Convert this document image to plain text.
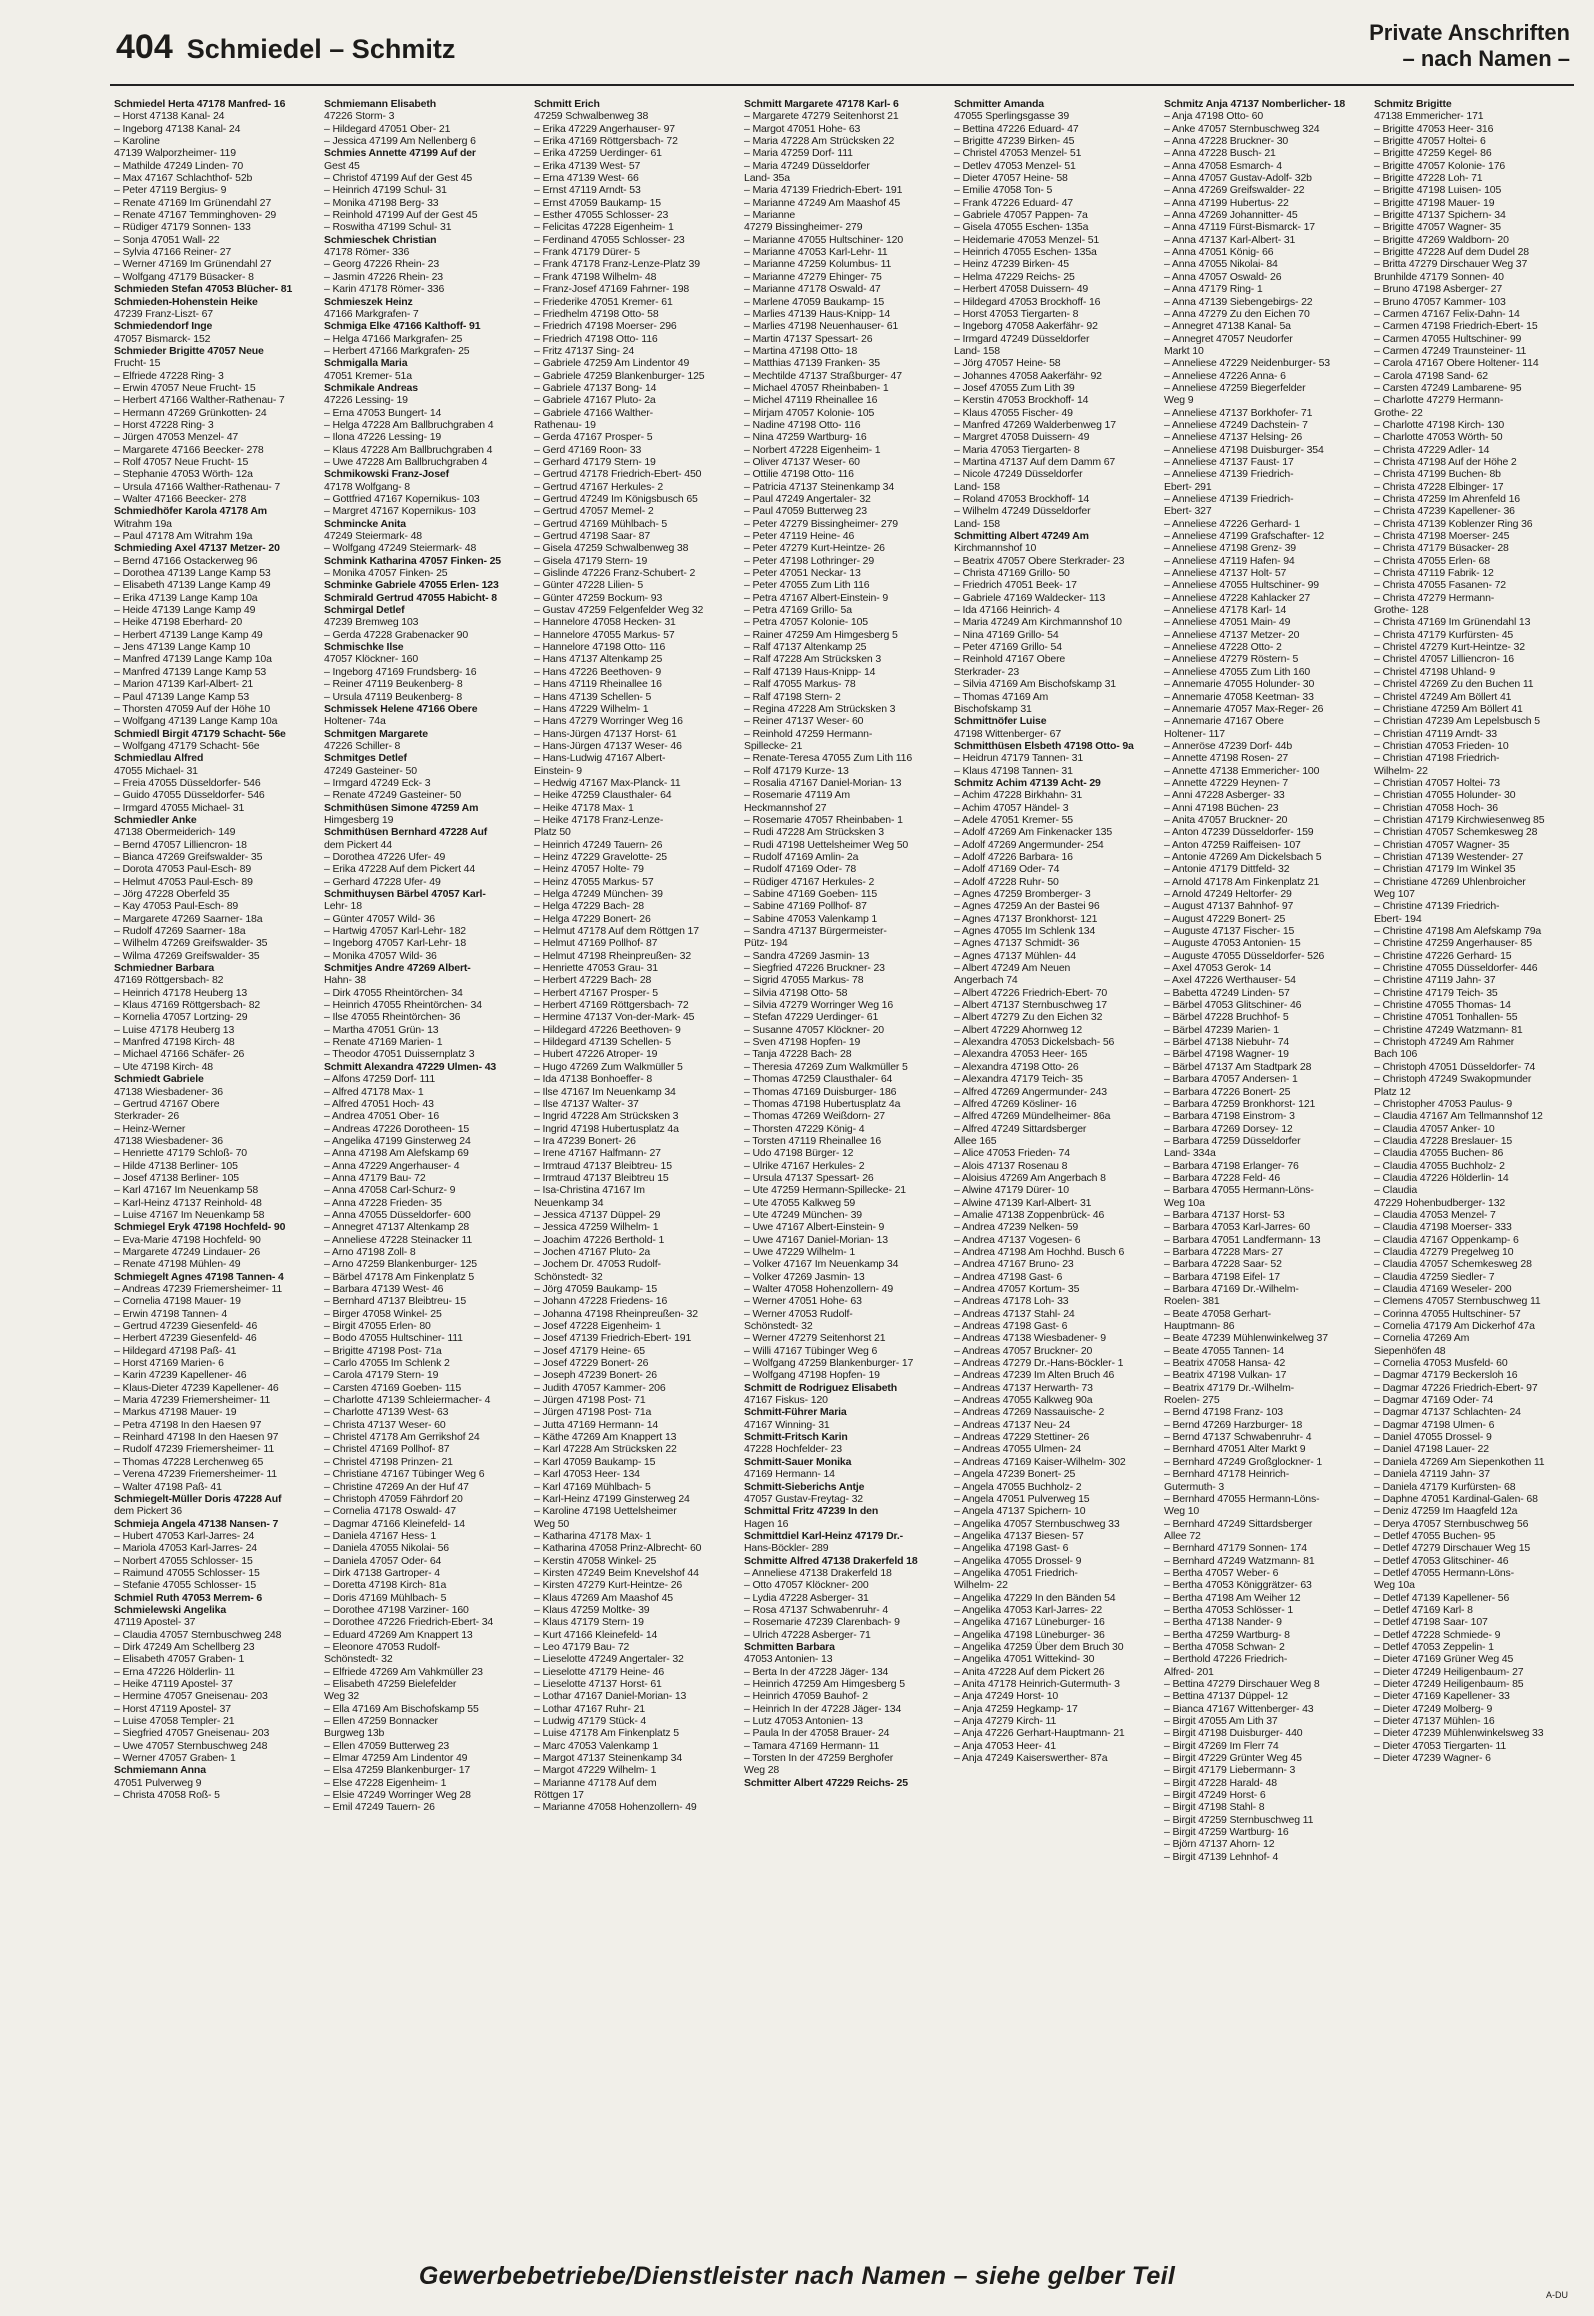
404 Schmiedel – Schmitz
Private Anschriften
– nach Namen –
Schmiedel Herta 47178 Manfred- 16
– Horst 47138 Kanal- 24
– Ingeborg 47138 Kanal- 24
– Karoline
47139 Walporzheimer- 119
– Mathilde 47249 Linden- 70
– Max 47167 Schlachthof- 52b
– Peter 47119 Bergius- 9
– Renate 47169 Im Grünendahl 27
– Renate 47167 Temminghoven- 29
– Rüdiger 47179 Sonnen- 133
– Sonja 47051 Wall- 22
– Sylvia 47166 Reiner- 27
– Werner 47169 Im Grünendahl 27
– Wolfgang 47179 Büsacker- 8
Schmieden Stefan 47053 Blücher- 81
Schmieden-Hohenstein Heike
47239 Franz-Liszt- 67
Schmiedendorf Inge
47057 Bismarck- 152
Schmieder Brigitte 47057 Neue
Frucht- 15
– Elfriede 47228 Ring- 3
– Erwin 47057 Neue Frucht- 15
– Herbert 47166 Walther-Rathenau- 7
– Hermann 47269 Grünkotten- 24
– Horst 47228 Ring- 3
– Jürgen 47053 Menzel- 47
– Margarete 47166 Beecker- 278
– Rolf 47057 Neue Frucht- 15
– Stephanie 47053 Wörth- 12a
– Ursula 47166 Walther-Rathenau- 7
– Walter 47166 Beecker- 278
Schmiedhöfer Karola 47178 Am
Witrahm 19a
– Paul 47178 Am Witrahm 19a
Schmieding Axel 47137 Metzer- 20
– Bernd 47166 Ostackerweg 96
– Dorothea 47139 Lange Kamp 53
– Elisabeth 47139 Lange Kamp 49
– Erika 47139 Lange Kamp 10a
– Heide 47139 Lange Kamp 49
– Heike 47198 Eberhard- 20
– Herbert 47139 Lange Kamp 49
– Jens 47139 Lange Kamp 10
– Manfred 47139 Lange Kamp 10a
– Manfred 47139 Lange Kamp 53
– Marion 47139 Karl-Albert- 21
– Paul 47139 Lange Kamp 53
– Thorsten 47059 Auf der Höhe 10
– Wolfgang 47139 Lange Kamp 10a
Schmiedl Birgit 47179 Schacht- 56e
– Wolfgang 47179 Schacht- 56e
Schmiedlau Alfred
47055 Michael- 31
– Freia 47055 Düsseldorfer- 546
– Guido 47055 Düsseldorfer- 546
– Irmgard 47055 Michael- 31
Schmiedler Anke
47138 Obermeiderich- 149
– Bernd 47057 Lilliencron- 18
– Bianca 47269 Greifswalder- 35
– Dorota 47053 Paul-Esch- 89
– Helmut 47053 Paul-Esch- 89
– Jörg 47228 Oberfeld 35
– Kay 47053 Paul-Esch- 89
– Margarete 47269 Saarner- 18a
– Rudolf 47269 Saarner- 18a
– Wilhelm 47269 Greifswalder- 35
– Wilma 47269 Greifswalder- 35
Schmiedner Barbara
47169 Röttgersbach- 82
– Heinrich 47178 Heuberg 13
– Klaus 47169 Röttgersbach- 82
– Kornelia 47057 Lortzing- 29
– Luise 47178 Heuberg 13
– Manfred 47198 Kirch- 48
– Michael 47166 Schäfer- 26
– Ute 47198 Kirch- 48
Schmiedt Gabriele
47138 Wiesbadener- 36
– Gertrud 47167 Obere
Sterkrader- 26
– Heinz-Werner
47138 Wiesbadener- 36
– Henriette 47179 Schloß- 70
– Hilde 47138 Berliner- 105
– Josef 47138 Berliner- 105
– Karl 47167 Im Neuenkamp 58
– Karl-Heinz 47137 Reinhold- 48
– Luise 47167 Im Neuenkamp 58
Schmiegel Eryk 47198 Hochfeld- 90
– Eva-Marie 47198 Hochfeld- 90
– Margarete 47249 Lindauer- 26
– Renate 47198 Mühlen- 49
Schmiegelt Agnes 47198 Tannen- 4
– Andreas 47239 Friemersheimer- 11
– Cornelia 47198 Mauer- 19
– Erwin 47198 Tannen- 4
– Gertrud 47239 Giesenfeld- 46
– Herbert 47239 Giesenfeld- 46
– Hildegard 47198 Paß- 41
– Horst 47169 Marien- 6
– Karin 47239 Kapellener- 46
– Klaus-Dieter 47239 Kapellener- 46
– Maria 47239 Friemersheimer- 11
– Markus 47198 Mauer- 19
– Petra 47198 In den Haesen 97
– Reinhard 47198 In den Haesen 97
– Rudolf 47239 Friemersheimer- 11
– Thomas 47228 Lerchenweg 65
– Verena 47239 Friemersheimer- 11
– Walter 47198 Paß- 41
Schmiegelt-Müller Doris 47228 Auf
dem Pickert 36
Schmieja Angela 47138 Nansen- 7
– Hubert 47053 Karl-Jarres- 24
– Mariola 47053 Karl-Jarres- 24
– Norbert 47055 Schlosser- 15
– Raimund 47055 Schlosser- 15
– Stefanie 47055 Schlosser- 15
Schmiel Ruth 47053 Merrem- 6
Schmielewski Angelika
47119 Apostel- 37
– Claudia 47057 Sternbuschweg 248
– Dirk 47249 Am Schellberg 23
– Elisabeth 47057 Graben- 1
– Erna 47226 Hölderlin- 11
– Heike 47119 Apostel- 37
– Hermine 47057 Gneisenau- 203
– Horst 47119 Apostel- 37
– Luise 47058 Templer- 21
– Siegfried 47057 Gneisenau- 203
– Uwe 47057 Sternbuschweg 248
– Werner 47057 Graben- 1
Schmiemann Anna
47051 Pulverweg 9
– Christa 47058 Roß- 5
Schmiemann Elisabeth
47226 Storm- 3
– Hildegard 47051 Ober- 21
– Jessica 47199 Am Nellenberg 6
Schmies Annette 47199 Auf der
Gest 45
– Christof 47199 Auf der Gest 45
– Heinrich 47199 Schul- 31
– Monika 47198 Berg- 33
– Reinhold 47199 Auf der Gest 45
– Roswitha 47199 Schul- 31
Schmieschek Christian
47178 Römer- 336
– Georg 47226 Rhein- 23
– Jasmin 47226 Rhein- 23
– Karin 47178 Römer- 336
Schmieszek Heinz
47166 Markgrafen- 7
Schmiga Elke 47166 Kalthoff- 91
– Helga 47166 Markgrafen- 25
– Herbert 47166 Markgrafen- 25
Schmigalla Maria
47051 Kremer- 51a
Schmikale Andreas
47226 Lessing- 19
– Erna 47053 Bungert- 14
– Helga 47228 Am Ballbruchgraben 4
– Ilona 47226 Lessing- 19
– Klaus 47228 Am Ballbruchgraben 4
– Uwe 47228 Am Ballbruchgraben 4
Schmikowski Franz-Josef
47178 Wolfgang- 8
– Gottfried 47167 Kopernikus- 103
– Margret 47167 Kopernikus- 103
Schmincke Anita
47249 Steiermark- 48
– Wolfgang 47249 Steiermark- 48
Schmink Katharina 47057 Finken- 25
– Monika 47057 Finken- 25
Schminke Gabriele 47055 Erlen- 123
Schmirald Gertrud 47055 Habicht- 8
Schmirgal Detlef
47239 Bremweg 103
– Gerda 47228 Grabenacker 90
Schmischke Ilse
47057 Klöckner- 160
– Ingeborg 47169 Frundsberg- 16
– Reiner 47119 Beukenberg- 8
– Ursula 47119 Beukenberg- 8
Schmissek Helene 47166 Obere
Holtener- 74a
Schmitgen Margarete
47226 Schiller- 8
Schmitges Detlef
47249 Gasteiner- 50
– Irmgard 47249 Eck- 3
– Renate 47249 Gasteiner- 50
Schmithüsen Simone 47259 Am
Himgesberg 19
Schmithüsen Bernhard 47228 Auf
dem Pickert 44
– Dorothea 47226 Ufer- 49
– Erika 47228 Auf dem Pickert 44
– Gerhard 47228 Ufer- 49
Schmithuysen Bärbel 47057 Karl-
Lehr- 18
– Günter 47057 Wild- 36
– Hartwig 47057 Karl-Lehr- 182
– Ingeborg 47057 Karl-Lehr- 18
– Monika 47057 Wild- 36
Schmitjes Andre 47269 Albert-
Hahn- 38
– Dirk 47055 Rheintörchen- 34
– Heinrich 47055 Rheintörchen- 34
– Ilse 47055 Rheintörchen- 36
– Martha 47051 Grün- 13
– Renate 47169 Marien- 1
– Theodor 47051 Duissernplatz 3
Schmitt Alexandra 47229 Ulmen- 43
– Alfons 47259 Dorf- 111
– Alfred 47178 Max- 1
– Alfred 47051 Hoch- 43
– Andrea 47051 Ober- 16
– Andreas 47226 Dorotheen- 15
– Angelika 47199 Ginsterweg 24
– Anna 47198 Am Alefskamp 69
– Anna 47229 Angerhauser- 4
– Anna 47179 Bau- 72
– Anna 47058 Carl-Schurz- 9
– Anna 47228 Frieden- 35
– Anna 47055 Düsseldorfer- 600
– Annegret 47137 Altenkamp 28
– Anneliese 47228 Steinacker 11
– Arno 47198 Zoll- 8
– Arno 47259 Blankenburger- 125
– Bärbel 47178 Am Finkenplatz 5
– Barbara 47139 West- 46
– Bernhard 47137 Bleibtreu- 15
– Birger 47058 Winkel- 25
– Birgit 47055 Erlen- 80
– Bodo 47055 Hultschiner- 111
– Brigitte 47198 Post- 71a
– Carlo 47055 Im Schlenk 2
– Carola 47179 Stern- 19
– Carsten 47169 Goeben- 115
– Charlotte 47139 Schleiermacher- 4
– Charlotte 47139 West- 63
– Christa 47137 Weser- 60
– Christel 47178 Am Gerrikshof 24
– Christel 47169 Pollhof- 87
– Christel 47198 Prinzen- 21
– Christiane 47167 Tübinger Weg 6
– Christine 47269 An der Huf 47
– Christoph 47059 Fährdorf 20
– Cornelia 47178 Oswald- 47
– Dagmar 47166 Kleinefeld- 14
– Daniela 47167 Hess- 1
– Daniela 47055 Nikolai- 56
– Daniela 47057 Oder- 64
– Dirk 47138 Gartroper- 4
– Doretta 47198 Kirch- 81a
– Doris 47169 Mühlbach- 5
– Dorothee 47198 Varziner- 160
– Dorothee 47226 Friedrich-Ebert- 34
– Eduard 47269 Am Knappert 13
– Eleonore 47053 Rudolf-
Schönstedt- 32
– Elfriede 47269 Am Vahkmüller 23
– Elisabeth 47259 Bielefelder
Weg 32
– Ella 47169 Am Bischofskamp 55
– Ellen 47259 Bonnacker
Burgweg 13b
– Ellen 47059 Butterweg 23
– Elmar 47259 Am Lindentor 49
– Elsa 47259 Blankenburger- 17
– Else 47228 Eigenheim- 1
– Elsie 47249 Worringer Weg 28
– Emil 47249 Tauern- 26
Schmitt Erich
47259 Schwalbenweg 38
– Erika 47229 Angerhauser- 97
– Erika 47169 Röttgersbach- 72
– Erika 47259 Uerdinger- 61
– Erika 47139 West- 57
– Erna 47139 West- 66
– Ernst 47119 Arndt- 53
– Ernst 47059 Baukamp- 15
– Esther 47055 Schlosser- 23
– Felicitas 47228 Eigenheim- 1
– Ferdinand 47055 Schlosser- 23
– Frank 47179 Dürer- 5
– Frank 47178 Franz-Lenze-Platz 39
– Frank 47198 Wilhelm- 48
– Franz-Josef 47169 Fahrner- 198
– Friederike 47051 Kremer- 61
– Friedhelm 47198 Otto- 58
– Friedrich 47198 Moerser- 296
– Friedrich 47198 Otto- 116
– Fritz 47137 Sing- 24
– Gabriele 47259 Am Lindentor 49
– Gabriele 47259 Blankenburger- 125
– Gabriele 47137 Bong- 14
– Gabriele 47167 Pluto- 2a
– Gabriele 47166 Walther-
Rathenau- 19
– Gerda 47167 Prosper- 5
– Gerd 47169 Roon- 33
– Gerhard 47179 Stern- 19
– Gertrud 47178 Friedrich-Ebert- 450
– Gertrud 47167 Herkules- 2
– Gertrud 47249 Im Königsbusch 65
– Gertrud 47057 Memel- 2
– Gertrud 47169 Mühlbach- 5
– Gertrud 47198 Saar- 87
– Gisela 47259 Schwalbenweg 38
– Gisela 47179 Stern- 19
– Gislinde 47226 Franz-Schubert- 2
– Günter 47228 Lilien- 5
– Günter 47259 Bockum- 93
– Gustav 47259 Felgenfelder Weg 32
– Hannelore 47058 Hecken- 31
– Hannelore 47055 Markus- 57
– Hannelore 47198 Otto- 116
– Hans 47137 Altenkamp 25
– Hans 47226 Beethoven- 9
– Hans 47119 Rheinallee 16
– Hans 47139 Schellen- 5
– Hans 47229 Wilhelm- 1
– Hans 47279 Worringer Weg 16
– Hans-Jürgen 47137 Horst- 61
– Hans-Jürgen 47137 Weser- 46
– Hans-Ludwig 47167 Albert-
Einstein- 9
– Hedwig 47167 Max-Planck- 11
– Heike 47259 Clausthaler- 64
– Heike 47178 Max- 1
– Heike 47178 Franz-Lenze-
Platz 50
– Heinrich 47249 Tauern- 26
– Heinz 47229 Gravelotte- 25
– Heinz 47057 Holte- 79
– Heinz 47055 Markus- 57
– Helga 47249 München- 39
– Helga 47229 Bach- 28
– Helga 47229 Bonert- 26
– Helmut 47178 Auf dem Röttgen 17
– Helmut 47169 Pollhof- 87
– Helmut 47198 Rheinpreußen- 32
– Henriette 47053 Grau- 31
– Herbert 47229 Bach- 28
– Herbert 47167 Prosper- 5
– Herbert 47169 Röttgersbach- 72
– Hermine 47137 Von-der-Mark- 45
– Hildegard 47226 Beethoven- 9
– Hildegard 47139 Schellen- 5
– Hubert 47226 Atroper- 19
– Hugo 47269 Zum Walkmüller 5
– Ida 47138 Bonhoeffer- 8
– Ilse 47167 Im Neuenkamp 34
– Ilse 47137 Walter- 37
– Ingrid 47228 Am Strücksken 3
– Ingrid 47198 Hubertusplatz 4a
– Ira 47239 Bonert- 26
– Irene 47167 Halfmann- 27
– Irmtraud 47137 Bleibtreu- 15
– Irmtraud 47137 Bleibtreu 15
– Isa-Christina 47167 Im
Neuenkamp 34
– Jessica 47137 Düppel- 29
– Jessica 47259 Wilhelm- 1
– Joachim 47226 Berthold- 1
– Jochen 47167 Pluto- 2a
– Jochem Dr. 47053 Rudolf-
Schönstedt- 32
– Jörg 47059 Baukamp- 15
– Johann 47228 Friedens- 16
– Johanna 47198 Rheinpreußen- 32
– Josef 47228 Eigenheim- 1
– Josef 47139 Friedrich-Ebert- 191
– Josef 47179 Heine- 65
– Josef 47229 Bonert- 26
– Joseph 47239 Bonert- 26
– Judith 47057 Kammer- 206
– Jürgen 47198 Post- 71
– Jürgen 47198 Post- 71a
– Jutta 47169 Hermann- 14
– Käthe 47269 Am Knappert 13
– Karl 47228 Am Strücksken 22
– Karl 47059 Baukamp- 15
– Karl 47053 Heer- 134
– Karl 47169 Mühlbach- 5
– Karl-Heinz 47199 Ginsterweg 24
– Karoline 47198 Uettelsheimer
Weg 50
– Katharina 47178 Max- 1
– Katharina 47058 Prinz-Albrecht- 60
– Kerstin 47058 Winkel- 25
– Kirsten 47249 Beim Knevelshof 44
– Kirsten 47279 Kurt-Heintze- 26
– Klaus 47269 Am Maashof 45
– Klaus 47259 Moltke- 39
– Klaus 47179 Stern- 19
– Kurt 47166 Kleinefeld- 14
– Leo 47179 Bau- 72
– Lieselotte 47249 Angertaler- 32
– Lieselotte 47179 Heine- 46
– Lieselotte 47137 Horst- 61
– Lothar 47167 Daniel-Morian- 13
– Lothar 47167 Ruhr- 21
– Ludwig 47179 Stück- 4
– Luise 47178 Am Finkenplatz 5
– Marc 47053 Valenkamp 1
– Margot 47137 Steinenkamp 34
– Margot 47229 Wilhelm- 1
– Marianne 47178 Auf dem
Röttgen 17
– Marianne 47058 Hohenzollern- 49
Schmitt Margarete 47178 Karl- 6
– Margarete 47279 Seitenhorst 21
– Margot 47051 Hohe- 63
– Maria 47228 Am Strücksken 22
– Maria 47259 Dorf- 111
– Maria 47249 Düsseldorfer
Land- 35a
– Maria 47139 Friedrich-Ebert- 191
– Marianne 47249 Am Maashof 45
– Marianne
47279 Bissingheimer- 279
– Marianne 47055 Hultschiner- 120
– Marianne 47053 Karl-Lehr- 11
– Marianne 47259 Kolumbus- 11
– Marianne 47279 Ehinger- 75
– Marianne 47178 Oswald- 47
– Marlene 47059 Baukamp- 15
– Marlies 47139 Haus-Knipp- 14
– Marlies 47198 Neuenhauser- 61
– Martin 47137 Spessart- 26
– Martina 47198 Otto- 18
– Matthias 47139 Franken- 35
– Mechtilde 47137 Straßburger- 47
– Michael 47057 Rheinbaben- 1
– Michel 47119 Rheinallee 16
– Mirjam 47057 Kolonie- 105
– Nadine 47198 Otto- 116
– Nina 47259 Wartburg- 16
– Norbert 47228 Eigenheim- 1
– Oliver 47137 Weser- 60
– Ottilie 47198 Otto- 116
– Patricia 47137 Steinenkamp 34
– Paul 47249 Angertaler- 32
– Paul 47059 Butterweg 23
– Peter 47279 Bissingheimer- 279
– Peter 47119 Heine- 46
– Peter 47279 Kurt-Heintze- 26
– Peter 47198 Lothringer- 29
– Peter 47051 Neckar- 13
– Peter 47055 Zum Lith 116
– Petra 47167 Albert-Einstein- 9
– Petra 47169 Grillo- 5a
– Petra 47057 Kolonie- 105
– Rainer 47259 Am Himgesberg 5
– Ralf 47137 Altenkamp 25
– Ralf 47228 Am Strücksken 3
– Ralf 47139 Haus-Knipp- 14
– Ralf 47055 Markus- 78
– Ralf 47198 Stern- 2
– Regina 47228 Am Strücksken 3
– Reiner 47137 Weser- 60
– Reinhold 47259 Hermann-
Spillecke- 21
– Renate-Teresa 47055 Zum Lith 116
– Rolf 47179 Kurze- 13
– Rosalia 47167 Daniel-Morian- 13
– Rosemarie 47119 Am
Heckmannshof 27
– Rosemarie 47057 Rheinbaben- 1
– Rudi 47228 Am Strücksken 3
– Rudi 47198 Uettelsheimer Weg 50
– Rudolf 47169 Amlin- 2a
– Rudolf 47169 Oder- 78
– Rüdiger 47167 Herkules- 2
– Sabine 47169 Goeben- 115
– Sabine 47169 Pollhof- 87
– Sabine 47053 Valenkamp 1
– Sandra 47137 Bürgermeister-
Pütz- 194
– Sandra 47269 Jasmin- 13
– Siegfried 47226 Bruckner- 23
– Sigrid 47055 Markus- 78
– Silvia 47198 Otto- 58
– Silvia 47279 Worringer Weg 16
– Stefan 47229 Uerdinger- 61
– Susanne 47057 Klöckner- 20
– Sven 47198 Hopfen- 19
– Tanja 47228 Bach- 28
– Theresia 47269 Zum Walkmüller 5
– Thomas 47259 Clausthaler- 64
– Thomas 47169 Duisburger- 186
– Thomas 47198 Hubertusplatz 4a
– Thomas 47269 Weißdorn- 27
– Thorsten 47229 König- 4
– Torsten 47119 Rheinallee 16
– Udo 47198 Bürger- 12
– Ulrike 47167 Herkules- 2
– Ursula 47137 Spessart- 26
– Ute 47259 Hermann-Spillecke- 21
– Ute 47055 Kalkweg 59
– Ute 47249 München- 39
– Uwe 47167 Albert-Einstein- 9
– Uwe 47167 Daniel-Morian- 13
– Uwe 47229 Wilhelm- 1
– Volker 47167 Im Neuenkamp 34
– Volker 47269 Jasmin- 13
– Walter 47058 Hohenzollern- 49
– Werner 47051 Hohe- 63
– Werner 47053 Rudolf-
Schönstedt- 32
– Werner 47279 Seitenhorst 21
– Willi 47167 Tübinger Weg 6
– Wolfgang 47259 Blankenburger- 17
– Wolfgang 47198 Hopfen- 19
Schmitt de Rodriguez Elisabeth
47167 Fiskus- 120
Schmitt-Führer Maria
47167 Winning- 31
Schmitt-Fritsch Karin
47228 Hochfelder- 23
Schmitt-Sauer Monika
47169 Hermann- 14
Schmitt-Sieberichs Antje
47057 Gustav-Freytag- 32
Schmittal Fritz 47239 In den
Hagen 16
Schmittdiel Karl-Heinz 47179 Dr.-
Hans-Böckler- 289
Schmitte Alfred 47138 Drakerfeld 18
– Anneliese 47138 Drakerfeld 18
– Otto 47057 Klöckner- 200
– Lydia 47228 Asberger- 31
– Rosa 47137 Schwabenruhr- 4
– Rosemarie 47239 Clarenbach- 9
– Ulrich 47228 Asberger- 71
Schmitten Barbara
47053 Antonien- 13
– Berta In der 47228 Jäger- 134
– Heinrich 47259 Am Himgesberg 5
– Heinrich 47059 Bauhof- 2
– Heinrich In der 47228 Jäger- 134
– Lutz 47053 Antonien- 13
– Paula In der 47058 Brauer- 24
– Tamara 47169 Hermann- 11
– Torsten In der 47259 Berghofer
Weg 28
Schmitter Albert 47229 Reichs- 25
Schmitter Amanda
47055 Sperlingsgasse 39
– Bettina 47226 Eduard- 47
– Brigitte 47239 Birken- 45
– Christel 47053 Menzel- 51
– Detlev 47053 Menzel- 51
– Dieter 47057 Heine- 58
– Emilie 47058 Ton- 5
– Frank 47226 Eduard- 47
– Gabriele 47057 Pappen- 7a
– Gisela 47055 Eschen- 135a
– Heidemarie 47053 Menzel- 51
– Heinrich 47055 Eschen- 135a
– Heinz 47239 Birken- 45
– Helma 47229 Reichs- 25
– Herbert 47058 Duissern- 49
– Hildegard 47053 Brockhoff- 16
– Horst 47053 Tiergarten- 8
– Ingeborg 47058 Aakerfähr- 92
– Irmgard 47249 Düsseldorfer
Land- 158
– Jörg 47057 Heine- 58
– Johannes 47058 Aakerfähr- 92
– Josef 47055 Zum Lith 39
– Kerstin 47053 Brockhoff- 14
– Klaus 47055 Fischer- 49
– Manfred 47269 Walderbenweg 17
– Margret 47058 Duissern- 49
– Maria 47053 Tiergarten- 8
– Martina 47137 Auf dem Damm 67
– Nicole 47249 Düsseldorfer
Land- 158
– Roland 47053 Brockhoff- 14
– Wilhelm 47249 Düsseldorfer
Land- 158
Schmitting Albert 47249 Am
Kirchmannshof 10
– Beatrix 47057 Obere Sterkrader- 23
– Christa 47169 Grillo- 50
– Friedrich 47051 Beek- 17
– Gabriele 47169 Waldecker- 113
– Ida 47166 Heinrich- 4
– Maria 47249 Am Kirchmannshof 10
– Nina 47169 Grillo- 54
– Peter 47169 Grillo- 54
– Reinhold 47167 Obere
Sterkrader- 23
– Silvia 47169 Am Bischofskamp 31
– Thomas 47169 Am
Bischofskamp 31
Schmittnöfer Luise
47198 Wittenberger- 67
Schmitthüsen Elsbeth 47198 Otto- 9a
– Heidrun 47179 Tannen- 31
– Klaus 47198 Tannen- 31
Schmitz Achim 47139 Acht- 29
– Achim 47228 Birkhahn- 31
– Achim 47057 Händel- 3
– Adele 47051 Kremer- 55
– Adolf 47269 Am Finkenacker 135
– Adolf 47269 Angermunder- 254
– Adolf 47226 Barbara- 16
– Adolf 47169 Oder- 74
– Adolf 47228 Ruhr- 50
– Agnes 47259 Bromberger- 3
– Agnes 47259 An der Bastei 96
– Agnes 47137 Bronkhorst- 121
– Agnes 47055 Im Schlenk 134
– Agnes 47137 Schmidt- 36
– Agnes 47137 Mühlen- 44
– Albert 47249 Am Neuen
Angerbach 74
– Albert 47226 Friedrich-Ebert- 70
– Albert 47137 Sternbuschweg 17
– Albert 47279 Zu den Eichen 32
– Albert 47229 Ahornweg 12
– Alexandra 47053 Dickelsbach- 56
– Alexandra 47053 Heer- 165
– Alexandra 47198 Otto- 26
– Alexandra 47179 Teich- 35
– Alfred 47269 Angermunder- 243
– Alfred 47269 Kösliner- 16
– Alfred 47269 Mündelheimer- 86a
– Alfred 47249 Sittardsberger
Allee 165
– Alice 47053 Frieden- 74
– Alois 47137 Rosenau 8
– Aloisius 47269 Am Angerbach 8
– Alwine 47179 Dürer- 10
– Alwine 47139 Karl-Albert- 31
– Amalie 47138 Zoppenbrück- 46
– Andrea 47239 Nelken- 59
– Andrea 47137 Vogesen- 6
– Andrea 47198 Am Hochhd. Busch 6
– Andrea 47167 Bruno- 23
– Andrea 47198 Gast- 6
– Andrea 47057 Kortum- 35
– Andreas 47178 Loh- 33
– Andreas 47137 Stahl- 24
– Andreas 47198 Gast- 6
– Andreas 47138 Wiesbadener- 9
– Andreas 47057 Bruckner- 20
– Andreas 47279 Dr.-Hans-Böckler- 1
– Andreas 47239 Im Alten Bruch 46
– Andreas 47137 Herwarth- 73
– Andreas 47055 Kalkweg 90a
– Andreas 47269 Nassauische- 2
– Andreas 47137 Neu- 24
– Andreas 47229 Stettiner- 26
– Andreas 47055 Ulmen- 24
– Andreas 47169 Kaiser-Wilhelm- 302
– Angela 47239 Bonert- 25
– Angela 47055 Buchholz- 2
– Angela 47051 Pulverweg 15
– Angela 47137 Spichern- 10
– Angelika 47057 Sternbuschweg 33
– Angelika 47137 Biesen- 57
– Angelika 47198 Gast- 6
– Angelika 47055 Drossel- 9
– Angelika 47051 Friedrich-
Wilhelm- 22
– Angelika 47229 In den Bänden 54
– Angelika 47053 Karl-Jarres- 22
– Angelika 47167 Lüneburger- 16
– Angelika 47198 Lüneburger- 36
– Angelika 47259 Über dem Bruch 30
– Angelika 47051 Wittekind- 30
– Anita 47228 Auf dem Pickert 26
– Anita 47178 Heinrich-Gutermuth- 3
– Anja 47249 Horst- 10
– Anja 47259 Hegkamp- 17
– Anja 47279 Kirch- 11
– Anja 47226 Gerhart-Hauptmann- 21
– Anja 47053 Heer- 41
– Anja 47249 Kaiserswerther- 87a
Schmitz Anja 47137 Nomberlicher- 18
– Anja 47198 Otto- 60
– Anke 47057 Sternbuschweg 324
– Anna 47228 Bruckner- 30
– Anna 47228 Busch- 21
– Anna 47058 Esmarch- 4
– Anna 47057 Gustav-Adolf- 32b
– Anna 47269 Greifswalder- 22
– Anna 47199 Hubertus- 22
– Anna 47269 Johannitter- 45
– Anna 47119 Fürst-Bismarck- 17
– Anna 47137 Karl-Albert- 31
– Anna 47051 König- 66
– Anna 47055 Nikolai- 84
– Anna 47057 Oswald- 26
– Anna 47179 Ring- 1
– Anna 47139 Siebengebirgs- 22
– Anna 47279 Zu den Eichen 70
– Annegret 47138 Kanal- 5a
– Annegret 47057 Neudorfer
Markt 10
– Anneliese 47229 Neidenburger- 53
– Anneliese 47226 Anna- 6
– Anneliese 47259 Biegerfelder
Weg 9
– Anneliese 47137 Borkhofer- 71
– Anneliese 47249 Dachstein- 7
– Anneliese 47137 Helsing- 26
– Anneliese 47198 Duisburger- 354
– Anneliese 47137 Faust- 17
– Anneliese 47139 Friedrich-
Ebert- 291
– Anneliese 47139 Friedrich-
Ebert- 327
– Anneliese 47226 Gerhard- 1
– Anneliese 47199 Grafschafter- 12
– Anneliese 47198 Grenz- 39
– Anneliese 47119 Hafen- 94
– Anneliese 47137 Holt- 57
– Anneliese 47055 Hultschiner- 99
– Anneliese 47228 Kahlacker 27
– Anneliese 47178 Karl- 14
– Anneliese 47051 Main- 49
– Anneliese 47137 Metzer- 20
– Anneliese 47228 Otto- 2
– Anneliese 47279 Röstern- 5
– Anneliese 47055 Zum Lith 160
– Annemarie 47055 Holunder- 30
– Annemarie 47058 Keetman- 33
– Annemarie 47057 Max-Reger- 26
– Annemarie 47167 Obere
Holtener- 117
– Anneröse 47239 Dorf- 44b
– Annette 47198 Rosen- 27
– Annette 47138 Emmericher- 100
– Annette 47229 Heynen- 7
– Anni 47228 Asberger- 33
– Anni 47198 Büchen- 23
– Anita 47057 Bruckner- 20
– Anton 47239 Düsseldorfer- 159
– Anton 47259 Raiffeisen- 107
– Antonie 47269 Am Dickelsbach 5
– Antonie 47179 Dittfeld- 32
– Arnold 47178 Am Finkenplatz 21
– Arnold 47249 Heltorfer- 29
– August 47137 Bahnhof- 97
– August 47229 Bonert- 25
– Auguste 47137 Fischer- 15
– Auguste 47053 Antonien- 15
– Auguste 47055 Düsseldorfer- 526
– Axel 47053 Gerok- 14
– Axel 47226 Werthauser- 54
– Babetta 47249 Linden- 57
– Bärbel 47053 Glitschiner- 46
– Bärbel 47228 Bruchhof- 5
– Bärbel 47239 Marien- 1
– Bärbel 47138 Niebuhr- 74
– Bärbel 47198 Wagner- 19
– Bärbel 47137 Am Stadtpark 28
– Barbara 47057 Andersen- 1
– Barbara 47226 Bonert- 25
– Barbara 47259 Bronkhorst- 121
– Barbara 47198 Einstrom- 3
– Barbara 47269 Dorsey- 12
– Barbara 47259 Düsseldorfer
Land- 334a
– Barbara 47198 Erlanger- 76
– Barbara 47228 Feld- 46
– Barbara 47055 Hermann-Löns-
Weg 10a
– Barbara 47137 Horst- 53
– Barbara 47053 Karl-Jarres- 60
– Barbara 47051 Landfermann- 13
– Barbara 47228 Mars- 27
– Barbara 47228 Saar- 52
– Barbara 47198 Eifel- 17
– Barbara 47169 Dr.-Wilhelm-
Roelen- 381
– Beate 47058 Gerhart-
Hauptmann- 86
– Beate 47239 Mühlenwinkelweg 37
– Beate 47055 Tannen- 14
– Beatrix 47058 Hansa- 42
– Beatrix 47198 Vulkan- 17
– Beatrix 47179 Dr.-Wilhelm-
Roelen- 275
– Bernd 47198 Franz- 103
– Bernd 47269 Harzburger- 18
– Bernd 47137 Schwabenruhr- 4
– Bernhard 47051 Alter Markt 9
– Bernhard 47249 Großglockner- 1
– Bernhard 47178 Heinrich-
Gutermuth- 3
– Bernhard 47055 Hermann-Löns-
Weg 10
– Bernhard 47249 Sittardsberger
Allee 72
– Bernhard 47179 Sonnen- 174
– Bernhard 47249 Watzmann- 81
– Bertha 47057 Weber- 6
– Bertha 47053 Königgrätzer- 63
– Bertha 47198 Am Weiher 12
– Bertha 47053 Schlösser- 1
– Bertha 47138 Nander- 9
– Bertha 47259 Wartburg- 8
– Bertha 47058 Schwan- 2
– Berthold 47226 Friedrich-
Alfred- 201
– Bettina 47279 Dirschauer Weg 8
– Bettina 47137 Düppel- 12
– Bianca 47167 Wittenberger- 43
– Birgit 47055 Am Lith 37
– Birgit 47198 Duisburger- 440
– Birgit 47269 Im Flerr 74
– Birgit 47229 Grünter Weg 45
– Birgit 47179 Liebermann- 3
– Birgit 47228 Harald- 48
– Birgit 47249 Horst- 6
– Birgit 47198 Stahl- 8
– Birgit 47259 Sternbuschweg 11
– Birgit 47259 Wartburg- 16
– Björn 47137 Ahorn- 12
– Birgit 47139 Lehnhof- 4
Schmitz Brigitte
47138 Emmericher- 171
– Brigitte 47053 Heer- 316
– Brigitte 47057 Holtei- 6
– Brigitte 47259 Kegel- 86
– Brigitte 47057 Kolonie- 176
– Brigitte 47228 Loh- 71
– Brigitte 47198 Luisen- 105
– Brigitte 47198 Mauer- 19
– Brigitte 47137 Spichern- 34
– Brigitte 47057 Wagner- 35
– Brigitte 47269 Waldborn- 20
– Brigitte 47228 Auf dem Dudel 28
– Britta 47279 Dirschauer Weg 37
Brunhilde 47179 Sonnen- 40
– Bruno 47198 Asberger- 27
– Bruno 47057 Kammer- 103
– Carmen 47167 Felix-Dahn- 14
– Carmen 47198 Friedrich-Ebert- 15
– Carmen 47055 Hultschiner- 99
– Carmen 47249 Traunsteiner- 11
– Carola 47167 Obere Holtener- 114
– Carola 47198 Sand- 62
– Carsten 47249 Lambarene- 95
– Charlotte 47279 Hermann-
Grothe- 22
– Charlotte 47198 Kirch- 130
– Charlotte 47053 Wörth- 50
– Christa 47229 Adler- 14
– Christa 47198 Auf der Höhe 2
– Christa 47199 Buchen- 8b
– Christa 47228 Elbinger- 17
– Christa 47259 Im Ahrenfeld 16
– Christa 47239 Kapellener- 36
– Christa 47139 Koblenzer Ring 36
– Christa 47198 Moerser- 245
– Christa 47179 Büsacker- 28
– Christa 47055 Erlen- 68
– Christa 47119 Fabrik- 12
– Christa 47055 Fasanen- 72
– Christa 47279 Hermann-
Grothe- 128
– Christa 47169 Im Grünendahl 13
– Christa 47179 Kurfürsten- 45
– Christel 47279 Kurt-Heintze- 32
– Christel 47057 Lilliencron- 16
– Christel 47198 Uhland- 9
– Christel 47269 Zu den Buchen 11
– Christel 47249 Am Böllert 41
– Christiane 47259 Am Böllert 41
– Christian 47239 Am Lepelsbusch 5
– Christian 47119 Arndt- 33
– Christian 47053 Frieden- 10
– Christian 47198 Friedrich-
Wilhelm- 22
– Christian 47057 Holtei- 73
– Christian 47055 Holunder- 30
– Christian 47058 Hoch- 36
– Christian 47179 Kirchwiesenweg 85
– Christian 47057 Schemkesweg 28
– Christian 47057 Wagner- 35
– Christian 47139 Westender- 27
– Christian 47179 Im Winkel 35
– Christiane 47269 Uhlenbroicher
Weg 107
– Christine 47139 Friedrich-
Ebert- 194
– Christine 47198 Am Alefskamp 79a
– Christine 47259 Angerhauser- 85
– Christine 47226 Gerhard- 15
– Christine 47055 Düsseldorfer- 446
– Christine 47119 Jahn- 37
– Christine 47179 Teich- 35
– Christine 47055 Thomas- 14
– Christine 47051 Tonhallen- 55
– Christine 47249 Watzmann- 81
– Christoph 47249 Am Rahmer
Bach 106
– Christoph 47051 Düsseldorfer- 74
– Christoph 47249 Swakopmunder
Platz 12
– Christopher 47053 Paulus- 9
– Claudia 47167 Am Tellmannshof 12
– Claudia 47057 Anker- 10
– Claudia 47228 Breslauer- 15
– Claudia 47055 Buchen- 86
– Claudia 47055 Buchholz- 2
– Claudia 47226 Hölderlin- 14
– Claudia
47229 Hohenbudberger- 132
– Claudia 47053 Menzel- 7
– Claudia 47198 Moerser- 333
– Claudia 47167 Oppenkamp- 6
– Claudia 47279 Pregelweg 10
– Claudia 47057 Schemkesweg 28
– Claudia 47259 Siedler- 7
– Claudia 47169 Weseler- 200
– Clemens 47057 Sternbuschweg 11
– Corinna 47055 Hultschiner- 57
– Cornelia 47179 Am Dickerhof 47a
– Cornelia 47269 Am
Siepenhöfen 48
– Cornelia 47053 Musfeld- 60
– Dagmar 47179 Beckersloh 16
– Dagmar 47226 Friedrich-Ebert- 97
– Dagmar 47169 Oder- 74
– Dagmar 47137 Schlachten- 24
– Dagmar 47198 Ulmen- 6
– Daniel 47055 Drossel- 9
– Daniel 47198 Lauer- 22
– Daniela 47269 Am Siepenkothen 11
– Daniela 47119 Jahn- 37
– Daniela 47179 Kurfürsten- 68
– Daphne 47051 Kardinal-Galen- 68
– Deniz 47259 Im Haagfeld 12a
– Derya 47057 Sternbuschweg 56
– Detlef 47055 Buchen- 95
– Detlef 47279 Dirschauer Weg 15
– Detlef 47053 Glitschiner- 46
– Detlef 47055 Hermann-Löns-
Weg 10a
– Detlef 47139 Kapellener- 56
– Detlef 47169 Karl- 8
– Detlef 47198 Saar- 107
– Detlef 47228 Schmiede- 9
– Detlef 47053 Zeppelin- 1
– Dieter 47169 Grüner Weg 45
– Dieter 47249 Heiligenbaum- 27
– Dieter 47249 Heiligenbaum- 85
– Dieter 47169 Kapellener- 33
– Dieter 47249 Molberg- 9
– Dieter 47137 Mühlen- 16
– Dieter 47239 Mühlenwinkelsweg 33
– Dieter 47053 Tiergarten- 11
– Dieter 47239 Wagner- 6
Gewerbebetriebe/Dienstleister nach Namen – siehe gelber Teil
A-DU
